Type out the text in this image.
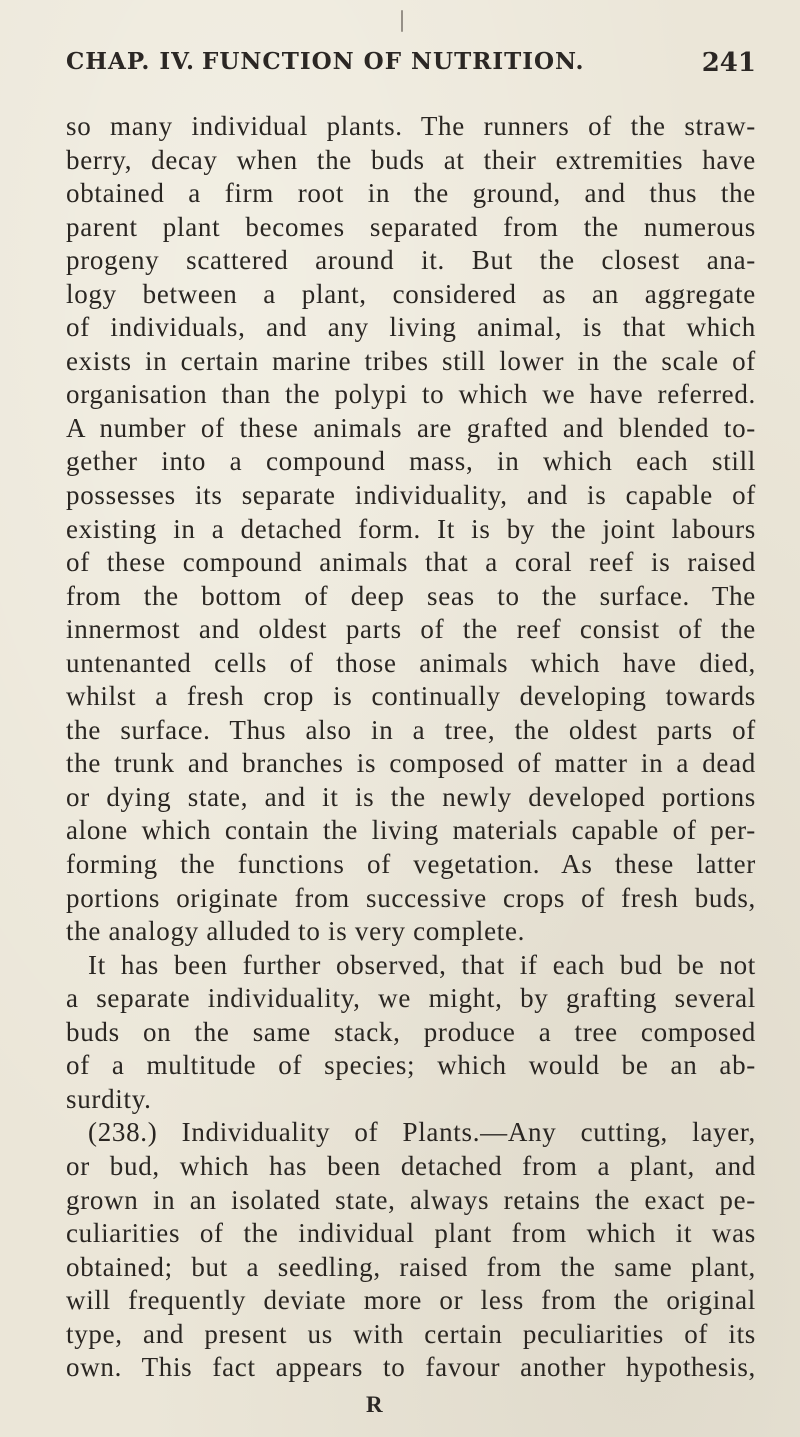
CHAP. IV. FUNCTION OF NUTRITION.	241
so many individual plants. The runners of the straw-
berry, decay when the buds at their extremities have
obtained a firm root in the ground, and thus the
parent plant becomes separated from the numerous
progeny scattered around it. But the closest ana-
logy between a plant, considered as an aggregate
of individuals, and any living animal, is that which
exists in certain marine tribes still lower in the scale of
organisation than the polypi to which we have referred.
A number of these animals are grafted and blended to-
gether into a compound mass, in which each still
possesses its separate individuality, and is capable of
existing in a detached form. It is by the joint labours
of these compound animals that a coral reef is raised
from the bottom of deep seas to the surface. The
innermost and oldest parts of the reef consist of the
untenanted cells of those animals which have died,
whilst a fresh crop is continually developing towards
the surface. Thus also in a tree, the oldest parts of
the trunk and branches is composed of matter in a dead
or dying state, and it is the newly developed portions
alone which contain the living materials capable of per-
forming the functions of vegetation. As these latter
portions originate from successive crops of fresh buds,
the analogy alluded to is very complete.
It has been further observed, that if each bud be not
a separate individuality, we might, by grafting several
buds on the same stack, produce a tree composed
of a multitude of species; which would be an ab-
surdity.
(238.) Individuality of Plants.—Any cutting, layer,
or bud, which has been detached from a plant, and
grown in an isolated state, always retains the exact pe-
culiarities of the individual plant from which it was
obtained; but a seedling, raised from the same plant,
will frequently deviate more or less from the original
type, and present us with certain peculiarities of its
own. This fact appears to favour another hypothesis,
R
